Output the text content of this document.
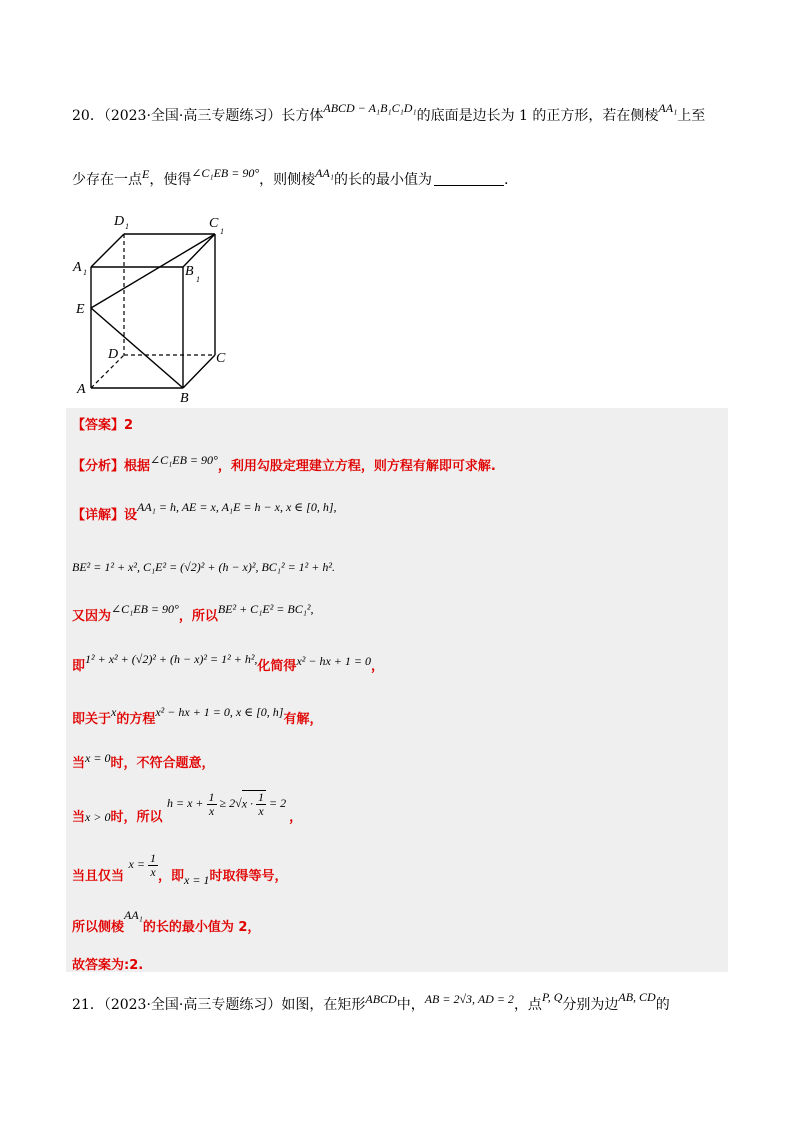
20．（2023·全国·高三专题练习）长方体ABCD − A₁B₁C₁D₁的底面是边长为 1 的正方形，若在侧棱AA₁上至
少存在一点E，使得∠C₁EB = 90°，则侧棱AA₁的长的最小值为	.
D 1	C
1
A 1	B
1
E
D	C
A
B
【答案】2
【分析】根据∠C₁EB = 90°，利用勾股定理建立方程，则方程有解即可求解.
【详解】设AA₁ = h, AE = x, A₁E = h − x, x ∈ [0, h],
BE² = 1² + x², C₁E² = (√2)² + (h − x)², BC₁² = 1² + h².
又因为∠C₁EB = 90°，所以BE² + C₁E² = BC₁²,
即1² + x² + (√2)² + (h − x)² = 1² + h²,化简得x² − hx + 1 = 0，
即关于x的方程x² − hx + 1 = 0, x ∈ [0, h]有解，
当x = 0时，不符合题意，
当x > 0时，所以 $h = x + \frac{1}{x} \ge 2√x \cdot \frac{1}{x} = 2$ ，
当且仅当 $x = \frac{1}{x}$ ，即x = 1时取得等号，
所以侧棱AA₁的长的最小值为 2，
故答案为:2.
21．（2023·全国·高三专题练习）如图，在矩形ABCD中，AB = 2√3, AD = 2，点P, Q分别为边AB, CD的
